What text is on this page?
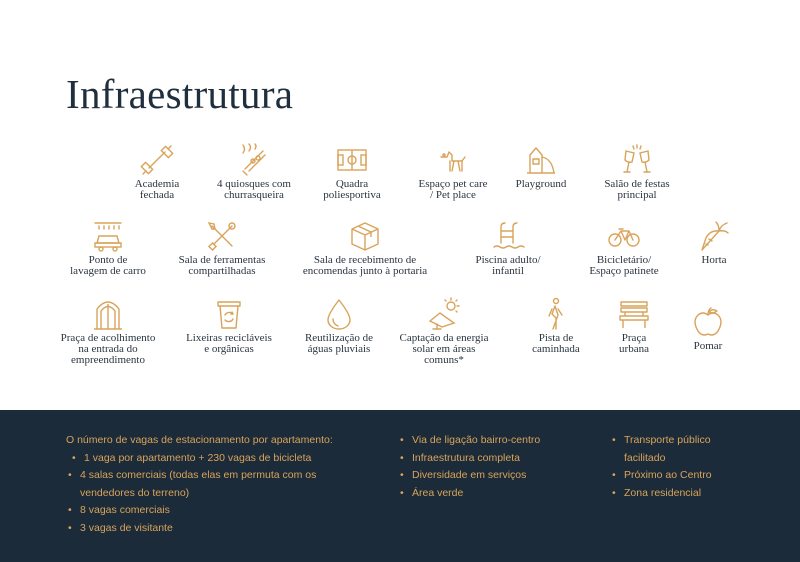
Infraestrutura
Academia
fechada
4 quiosques com
churrasqueira
Quadra
poliesportiva
Espaço pet care
/ Pet place
Playground	Salão de festas
principal
Ponto de
lavagem de carro
Sala de ferramentas
compartilhadas
Sala de recebimento de
encomendas junto à portaria
Piscina adulto/
infantil
Bicicletário/
Espaço patinete
Horta
Praça de acolhimento
na entrada do
empreendimento
Lixeiras recicláveis
e orgânicas
Reutilização de
águas pluviais
Captação da energia
solar em áreas
comuns*
Pista de
caminhada
Praça
urbana	Pomar
O número de vagas de estacionamento por apartamento:
• 1 vaga por apartamento + 230 vagas de bicicleta
• 4 salas comerciais (todas elas em permuta com os
vendedores do terreno)
• 8 vagas comerciais
• 3 vagas de visitante
• Via de ligação bairro-centro
• Infraestrutura completa
• Diversidade em serviços
• Área verde
• Transporte público
facilitado
• Próximo ao Centro
• Zona residencial
